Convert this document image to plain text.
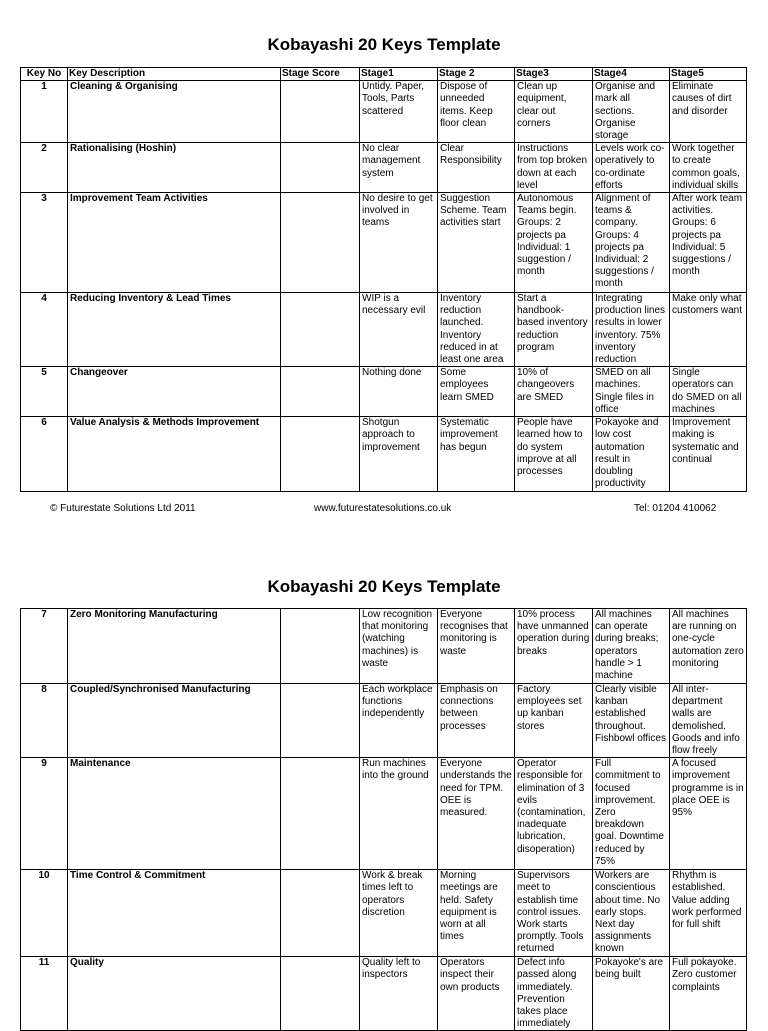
Kobayashi 20 Keys Template
Key No	Key Description	Stage Score	Stage1	Stage 2	Stage3	Stage4	Stage5
1	Cleaning & Organising		Untidy. Paper, Tools, Parts scattered	Dispose of unneeded items. Keep floor clean	Clean up equipment, clear out corners	Organise and mark all sections. Organise storage	Eliminate causes of dirt and disorder
2	Rationalising (Hoshin)		No clear management system	Clear Responsibility	Instructions from top broken down at each level	Levels work co-operatively to co-ordinate efforts	Work together to create common goals, individual skills
3	Improvement Team Activities		No desire to get involved in teams	Suggestion Scheme. Team activities start	Autonomous Teams begin. Groups: 2 projects pa Individual: 1 suggestion / month	Alignment of teams & company. Groups: 4 projects pa Individual: 2 suggestions / month	After work team activities. Groups: 6 projects pa Individual: 5 suggestions / month
4	Reducing Inventory & Lead Times		WIP is a necessary evil	Inventory reduction launched. Inventory reduced in at least one area	Start a handbook-based inventory reduction program	Integrating production lines results in lower inventory. 75% inventory reduction	Make only what customers want
5	Changeover		Nothing done	Some employees learn SMED	10% of changeovers are SMED	SMED on all machines. Single files in office	Single operators can do SMED on all machines
6	Value Analysis & Methods Improvement		Shotgun approach to improvement	Systematic improvement has begun	People have learned how to do system improve at all processes	Pokayoke and low cost automation result in doubling productivity	Improvement making is systematic and continual
© Futurestate Solutions Ltd 2011	www.futurestatesolutions.co.uk	Tel: 01204 410062
Kobayashi 20 Keys Template
7	Zero Monitoring Manufacturing		Low recognition that monitoring (watching machines) is waste	Everyone recognises that monitoring is waste	10% process have unmanned operation during breaks	All machines can operate during breaks; operators handle > 1 machine	All machines are running on one-cycle automation zero monitoring
8	Coupled/Synchronised Manufacturing		Each workplace functions independently	Emphasis on connections between processes	Factory employees set up kanban stores	Clearly visible kanban established throughout. Fishbowl offices	All inter-department walls are demolished. Goods and info flow freely
9	Maintenance		Run machines into the ground	Everyone understands the need for TPM. OEE is measured.	Operator responsible for elimination of 3 evils (contamination, inadequate lubrication, disoperation)	Full commitment to focused improvement. Zero breakdown goal. Downtime reduced by 75%	A focused improvement programme is in place OEE is 95%
10	Time Control & Commitment		Work & break times left to operators discretion	Morning meetings are held. Safety equipment is worn at all times	Supervisors meet to establish time control issues. Work starts promptly. Tools returned	Workers are conscientious about time. No early stops. Next day assignments known	Rhythm is established. Value adding work performed for full shift
11	Quality		Quality left to inspectors	Operators inspect their own products	Defect info passed along immediately. Prevention takes place immediately	Pokayoke's are being built	Full pokayoke. Zero customer complaints
